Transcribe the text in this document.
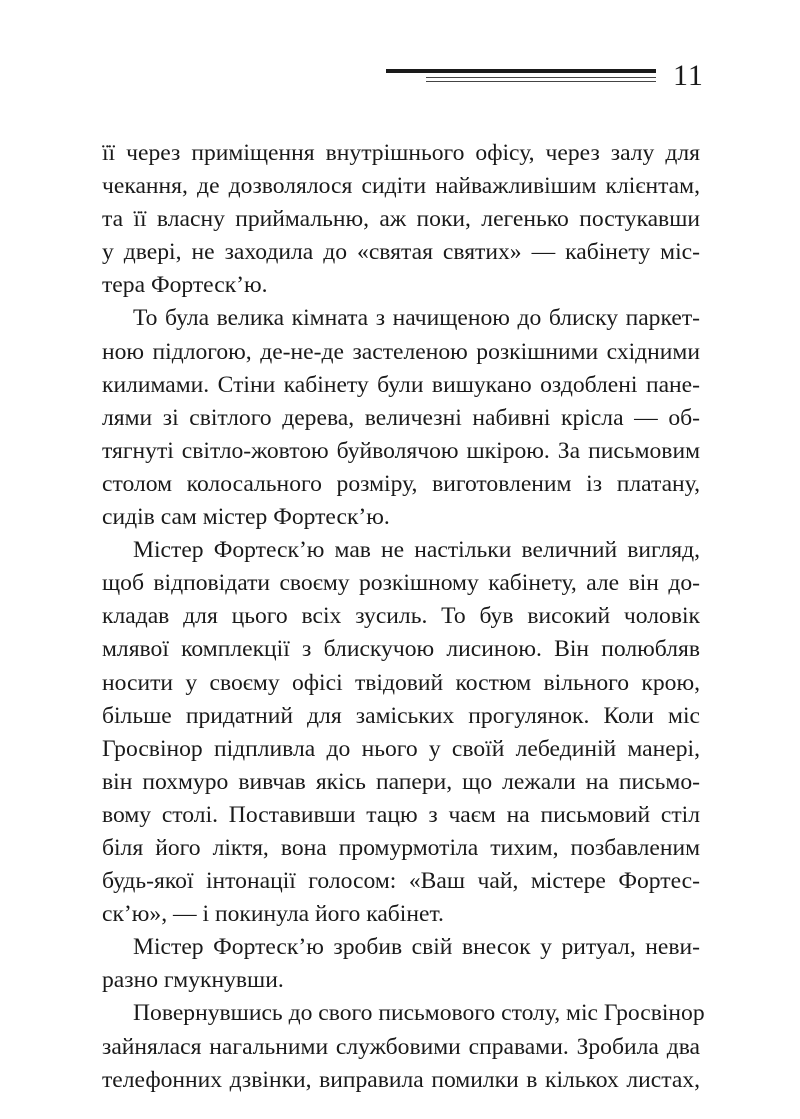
11
її через приміщення внутрішнього офісу, через залу для
чекання, де дозволялося сидіти найважливішим клієнтам,
та її власну приймальню, аж поки, легенько постукавши
у двері, не заходила до «святая святих» — кабінету міс-
тера Фортеск’ю.
То була велика кімната з начищеною до блиску паркет-
ною підлогою, де-не-де застеленою розкішними східними
килимами. Стіни кабінету були вишукано оздоблені пане-
лями зі світлого дерева, величезні набивні крісла — об-
тягнуті світло-жовтою буйволячою шкірою. За письмовим
столом колосального розміру, виготовленим із платану,
сидів сам містер Фортеск’ю.
Містер Фортеск’ю мав не настільки величний вигляд,
щоб відповідати своєму розкішному кабінету, але він до-
кладав для цього всіх зусиль. То був високий чоловік
млявої комплекції з блискучою лисиною. Він полюбляв
носити у своєму офісі твідовий костюм вільного крою,
більше придатний для заміських прогулянок. Коли міс
Гросвінор підпливла до нього у своїй лебединій манері,
він похмуро вивчав якісь папери, що лежали на письмо-
вому столі. Поставивши тацю з чаєм на письмовий стіл
біля його ліктя, вона промурмотіла тихим, позбавленим
будь-якої інтонації голосом: «Ваш чай, містере Фортес-
ск’ю», — і покинула його кабінет.
Містер Фортеск’ю зробив свій внесок у ритуал, неви-
разно гмукнувши.
Повернувшись до свого письмового столу, міс Гросвінор
зайнялася нагальними службовими справами. Зробила два
телефонних дзвінки, виправила помилки в кількох листах,
